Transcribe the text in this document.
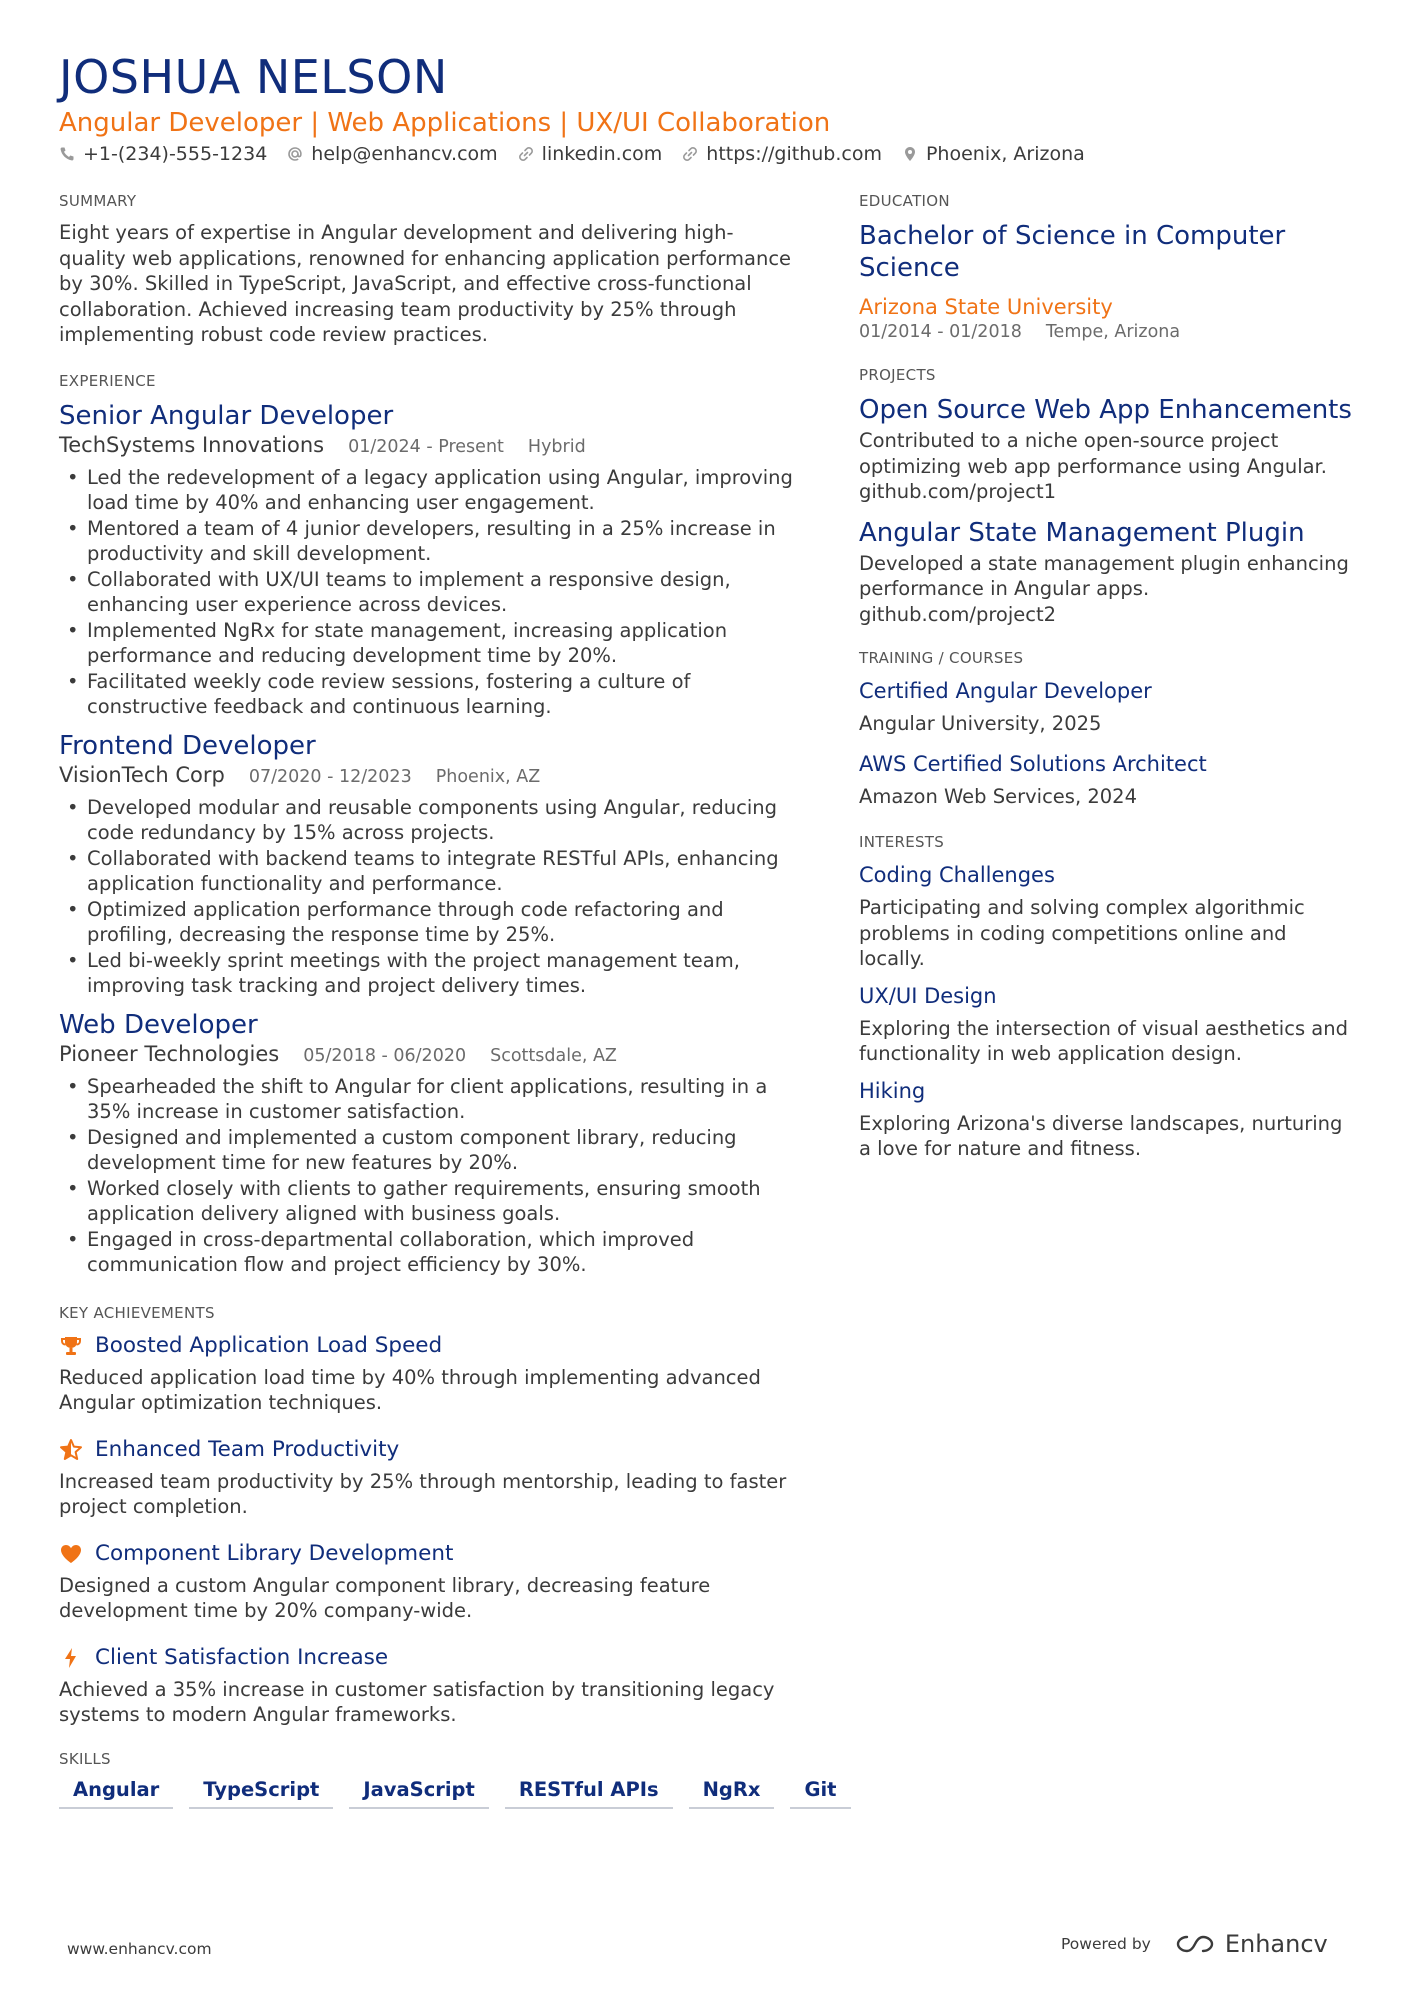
JOSHUA NELSON
Angular Developer | Web Applications | UX/UI Collaboration
+1-(234)-555-1234 help@enhancv.com linkedin.com https://github.com Phoenix, Arizona
SUMMARY
Eight years of expertise in Angular development and delivering high-
quality web applications, renowned for enhancing application performance
by 30%. Skilled in TypeScript, JavaScript, and effective cross-functional
collaboration. Achieved increasing team productivity by 25% through
implementing robust code review practices.
EXPERIENCE
Senior Angular Developer
TechSystems Innovations 01/2024 - Present Hybrid
• Led the redevelopment of a legacy application using Angular, improving
load time by 40% and enhancing user engagement.
• Mentored a team of 4 junior developers, resulting in a 25% increase in
productivity and skill development.
• Collaborated with UX/UI teams to implement a responsive design,
enhancing user experience across devices.
• Implemented NgRx for state management, increasing application
performance and reducing development time by 20%.
• Facilitated weekly code review sessions, fostering a culture of
constructive feedback and continuous learning.
Frontend Developer
VisionTech Corp 07/2020 - 12/2023 Phoenix, AZ
• Developed modular and reusable components using Angular, reducing
code redundancy by 15% across projects.
• Collaborated with backend teams to integrate RESTful APIs, enhancing
application functionality and performance.
• Optimized application performance through code refactoring and
profiling, decreasing the response time by 25%.
• Led bi-weekly sprint meetings with the project management team,
improving task tracking and project delivery times.
Web Developer
Pioneer Technologies 05/2018 - 06/2020 Scottsdale, AZ
• Spearheaded the shift to Angular for client applications, resulting in a
35% increase in customer satisfaction.
• Designed and implemented a custom component library, reducing
development time for new features by 20%.
• Worked closely with clients to gather requirements, ensuring smooth
application delivery aligned with business goals.
• Engaged in cross-departmental collaboration, which improved
communication flow and project efficiency by 30%.
KEY ACHIEVEMENTS
Boosted Application Load Speed
Reduced application load time by 40% through implementing advanced
Angular optimization techniques.
Enhanced Team Productivity
Increased team productivity by 25% through mentorship, leading to faster
project completion.
Component Library Development
Designed a custom Angular component library, decreasing feature
development time by 20% company-wide.
Client Satisfaction Increase
Achieved a 35% increase in customer satisfaction by transitioning legacy
systems to modern Angular frameworks.
SKILLS
Angular	TypeScript	JavaScript	RESTful APIs	NgRx	Git
EDUCATION
Bachelor of Science in Computer
Science
Arizona State University
01/2014 - 01/2018 Tempe, Arizona
PROJECTS
Open Source Web App Enhancements
Contributed to a niche open-source project
optimizing web app performance using Angular.
github.com/project1
Angular State Management Plugin
Developed a state management plugin enhancing
performance in Angular apps.
github.com/project2
TRAINING / COURSES
Certified Angular Developer
Angular University, 2025
AWS Certified Solutions Architect
Amazon Web Services, 2024
INTERESTS
Coding Challenges
Participating and solving complex algorithmic
problems in coding competitions online and
locally.
UX/UI Design
Exploring the intersection of visual aesthetics and
functionality in web application design.
Hiking
Exploring Arizona's diverse landscapes, nurturing
a love for nature and fitness.
www.enhancv.com	Powered by	Enhancv
